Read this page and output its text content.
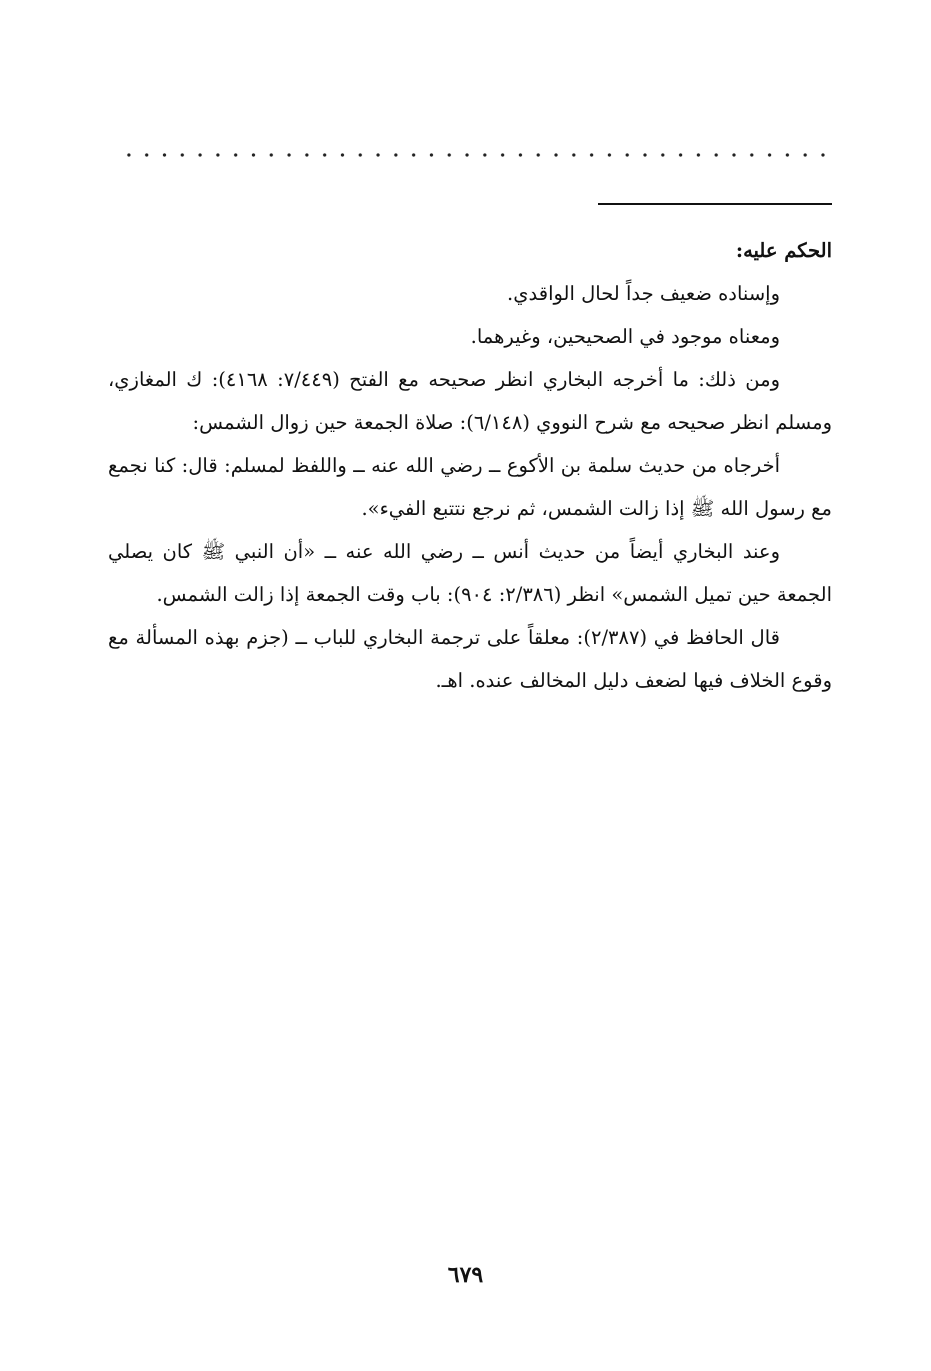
الحكم عليه:

وإسناده ضعيف جداً لحال الواقدي.

ومعناه موجود في الصحيحين، وغيرهما.

ومن ذلك: ما أخرجه البخاري انظر صحيحه مع الفتح (٧/٤٤٩: ٤١٦٨): ك المغازي، ومسلم انظر صحيحه مع شرح النووي (٦/١٤٨): صلاة الجمعة حين زوال الشمس:

أخرجاه من حديث سلمة بن الأكوع ــ رضي الله عنه ــ واللفظ لمسلم: قال: كنا نجمع مع رسول الله ﷺ إذا زالت الشمس، ثم نرجع نتتبع الفيء».

وعند البخاري أيضاً من حديث أنس ــ رضي الله عنه ــ «أن النبي ﷺ كان يصلي الجمعة حين تميل الشمس» انظر (٢/٣٨٦: ٩٠٤): باب وقت الجمعة إذا زالت الشمس.

قال الحافظ في (٢/٣٨٧): معلقاً على ترجمة البخاري للباب ــ (جزم بهذه المسألة مع وقوع الخلاف فيها لضعف دليل المخالف عنده. اهـ.

٦٧٩
